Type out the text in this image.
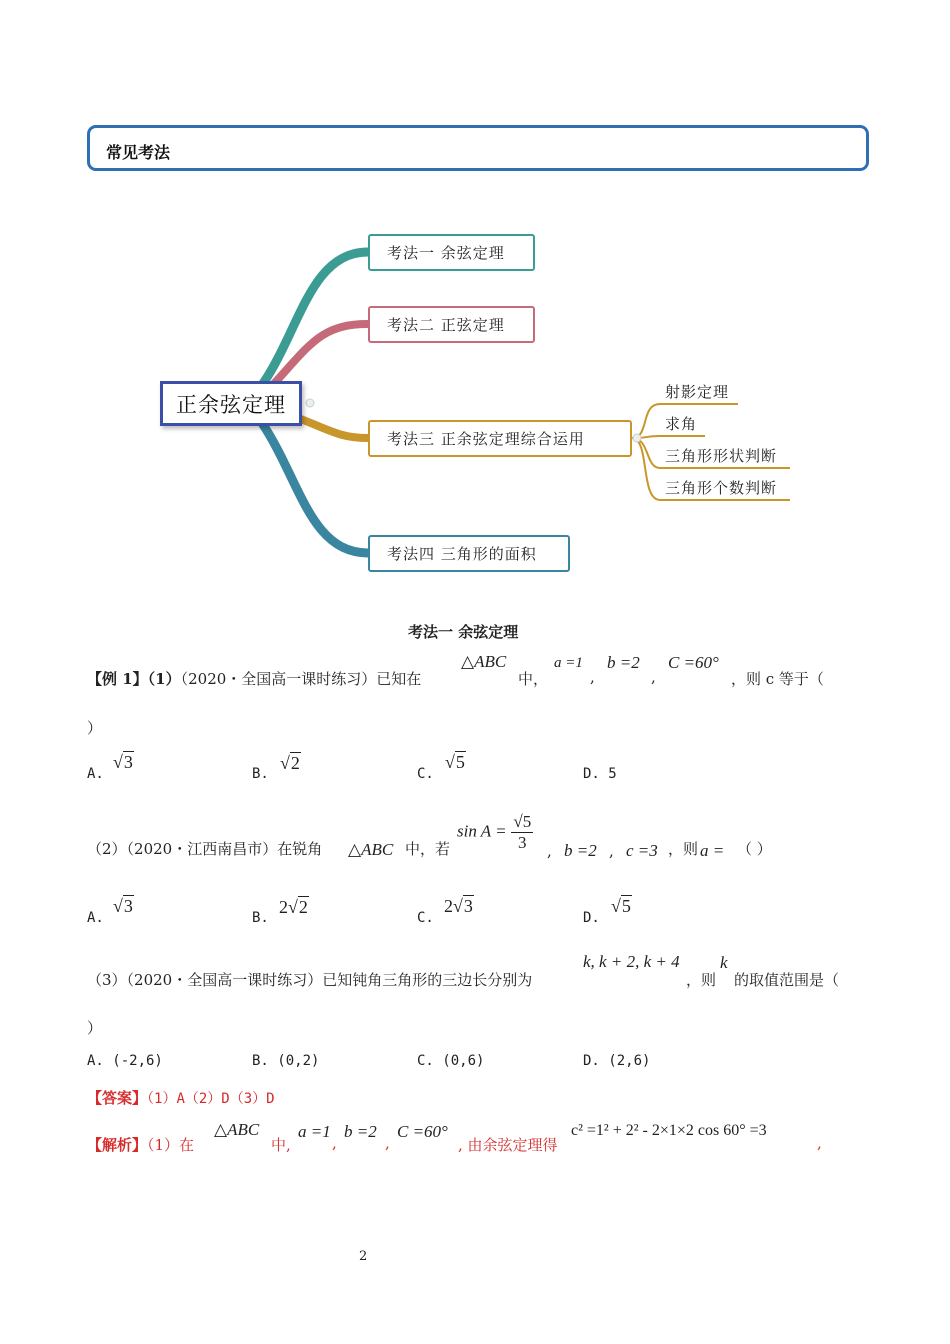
常见考法
正余弦定理
考法一 余弦定理
考法二 正弦定理
考法三 正余弦定理综合运用
考法四 三角形的面积
射影定理
求角
三角形形状判断
三角形个数判断
考法一 余弦定理
【例 1】（1）（2020・全国高一课时练习）已知在
△ABC
中，
a =1
,
b =2
,
C =60°
，则 c 等于（
）
A.
√3
B.
√2
C.
√5
D. 5
（2）（2020・江西南昌市）在锐角 △ABC 中，若
$\sin A = \frac{√5}{3}$ , b =2 , c =3 ，则 a = （ ）
A.
√3
B.
2√2
C.
2√3
D.
√5
（3）（2020・全国高一课时练习）已知钝角三角形的三边长分别为
k, k + 2, k + 4
，则
k
的取值范围是（
）
A. (-2,6)	B. (0,2)	C. (0,6)	D. (2,6)
【答案】（1）A（2）D（3）D
【解析】（1）在
△ABC
中,
a =1
,
b =2
,
C =60°
, 由余弦定理得
c² =1² + 2² - 2×1×2 cos 60° =3
,
2
